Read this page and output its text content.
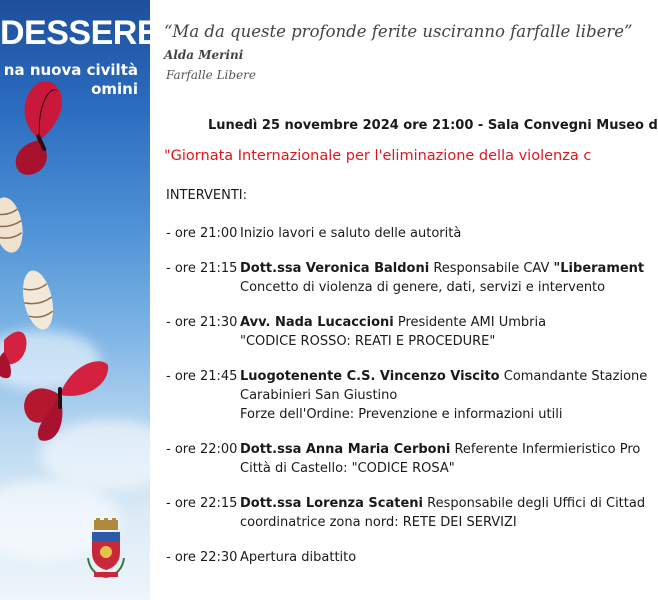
DESSERE
na nuova civiltà
omini
“Ma da queste profonde ferite usciranno farfalle libere”
Alda Merini
Farfalle Libere
Lunedì 25 novembre 2024 ore 21:00 - Sala Convegni Museo d
"Giornata Internazionale per l'eliminazione della violenza c
INTERVENTI:
- ore 21:00 Inizio lavori e saluto delle autorità
- ore 21:15 Dott.ssa Veronica Baldoni Responsabile CAV "Liberament
Concetto di violenza di genere, dati, servizi e intervento
- ore 21:30 Avv. Nada Lucaccioni Presidente AMI Umbria
"CODICE ROSSO: REATI E PROCEDURE"
- ore 21:45 Luogotenente C.S. Vincenzo Viscito Comandante Stazione
Carabinieri San Giustino
Forze dell'Ordine: Prevenzione e informazioni utili
- ore 22:00 Dott.ssa Anna Maria Cerboni Referente Infermieristico Pro
Città di Castello: "CODICE ROSA"
- ore 22:15 Dott.ssa Lorenza Scateni Responsabile degli Uffici di Cittad
coordinatrice zona nord: RETE DEI SERVIZI
- ore 22:30 Apertura dibattito
